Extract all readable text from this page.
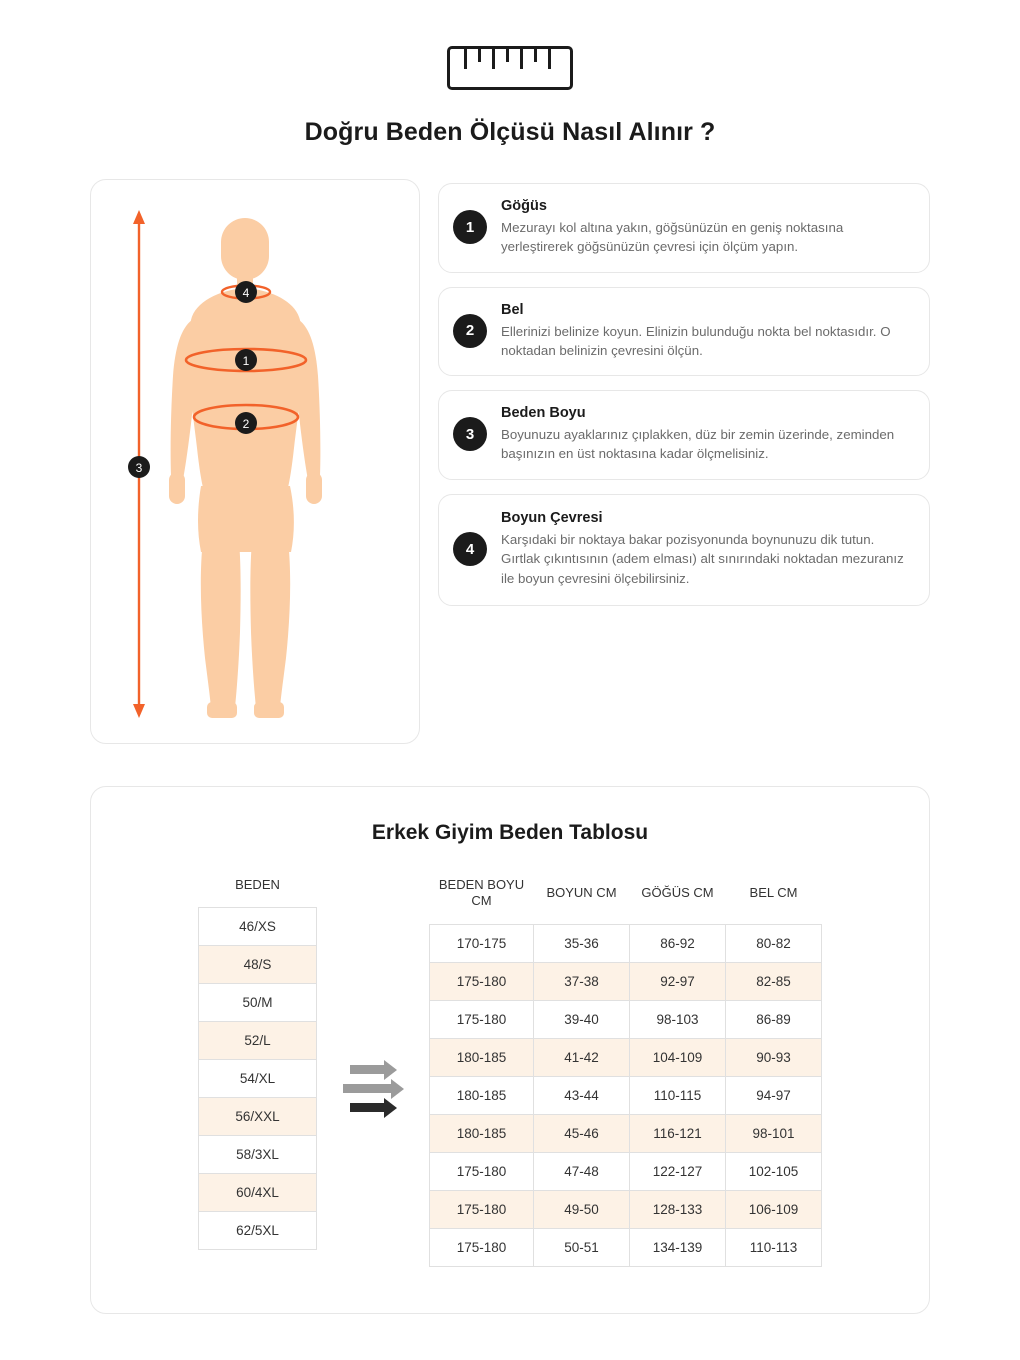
Doğru Beden Ölçüsü Nasıl Alınır ?
1
2
3
4
1
Göğüs
Mezurayı kol altına yakın, göğsünüzün en geniş noktasına yerleştirerek göğsünüzün çevresi için ölçüm yapın.
2
Bel
Ellerinizi belinize koyun. Elinizin bulunduğu nokta bel noktasıdır. O noktadan belinizin çevresini ölçün.
3
Beden Boyu
Boyunuzu ayaklarınız çıplakken, düz bir zemin üzerinde, zeminden başınızın en üst noktasına kadar ölçmelisiniz.
4
Boyun Çevresi
Karşıdaki bir noktaya bakar pozisyonunda boynunuzu dik tutun. Gırtlak çıkıntısının (adem elması) alt sınırındaki noktadan mezuranız ile boyun çevresini ölçebilirsiniz.
Erkek Giyim Beden Tablosu
BEDEN
46/XS
48/S
50/M
52/L
54/XL
56/XXL
58/3XL
60/4XL
62/5XL
BEDEN BOYU CM	BOYUN CM	GÖĞÜS CM	BEL CM
170-175	35-36	86-92	80-82
175-180	37-38	92-97	82-85
175-180	39-40	98-103	86-89
180-185	41-42	104-109	90-93
180-185	43-44	110-115	94-97
180-185	45-46	116-121	98-101
175-180	47-48	122-127	102-105
175-180	49-50	128-133	106-109
175-180	50-51	134-139	110-113
